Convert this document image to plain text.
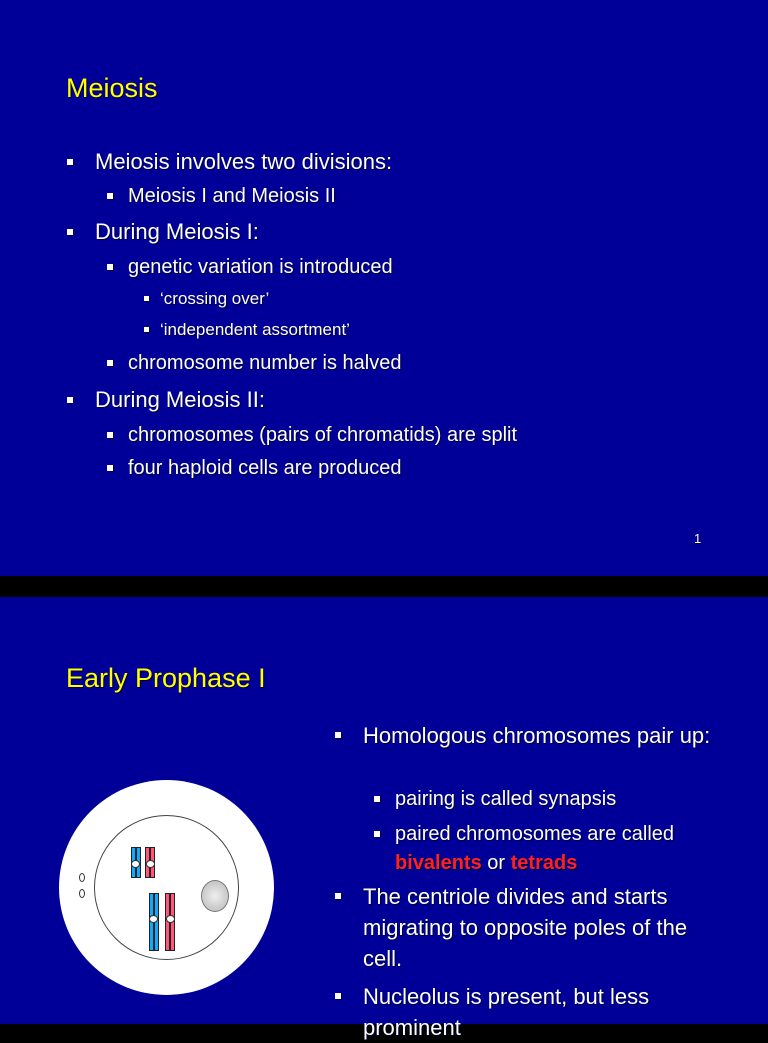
Meiosis
Meiosis involves two divisions:
Meiosis I and Meiosis II
During Meiosis I:
genetic variation is introduced
‘crossing over’
‘independent assortment’
chromosome number is halved
During Meiosis II:
chromosomes (pairs of chromatids) are split
four haploid cells are produced
1
Early Prophase I
Homologous chromosomes pair up:
pairing is called synapsis
paired chromosomes are called bivalents or tetrads
The centriole divides and starts migrating to opposite poles of the cell.
Nucleolus is present, but less prominent
